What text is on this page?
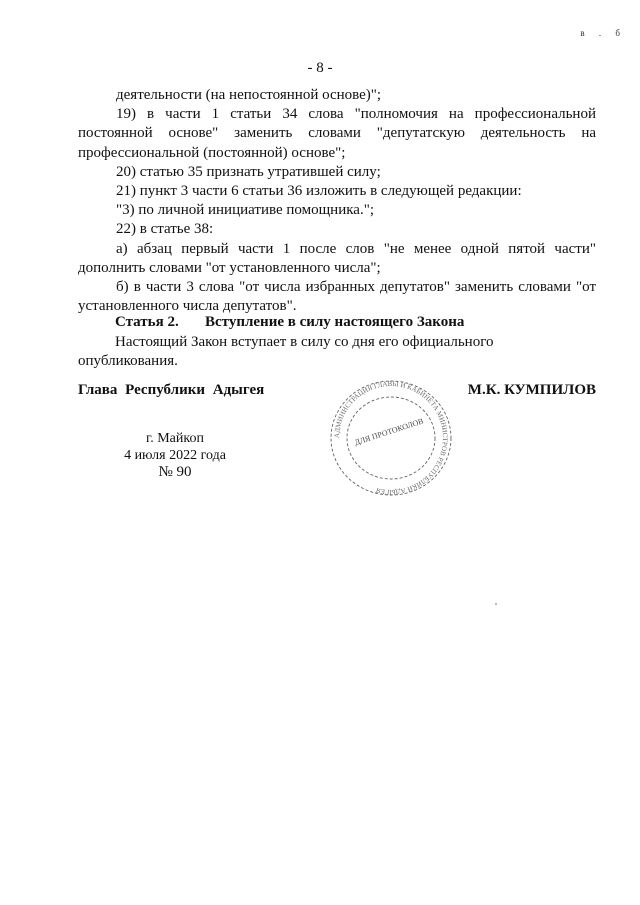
в . б
- 8 -

деятельности (на непостоянной основе)";

19) в части 1 статьи 34 слова "полномочия на профессиональной постоянной основе" заменить словами "депутатскую деятельность на профессиональной (постоянной) основе";

20) статью 35 признать утратившей силу;

21) пункт 3 части 6 статьи 36 изложить в следующей редакции:

"3) по личной инициативе помощника.";

22) в статье 38:

а) абзац первый части 1 после слов "не менее одной пятой части" дополнить словами "от установленного числа";

б) в части 3 слова "от числа избранных депутатов" заменить словами "от установленного числа депутатов".

Статья 2. Вступление в силу настоящего Закона

Настоящий Закон вступает в силу со дня его официального опубликования.

Глава Республики Адыгея	М.К. КУМПИЛОВ
г. Майкоп
4 июля 2022 года
№ 90
АДМИНИСТРАЦИЯ ГЛАВЫ И КАБИНЕТА МИНИСТРОВ РЕСПУБЛИКИ АДЫГЕЯ
ДЛЯ ПРОТОКОЛОВ
